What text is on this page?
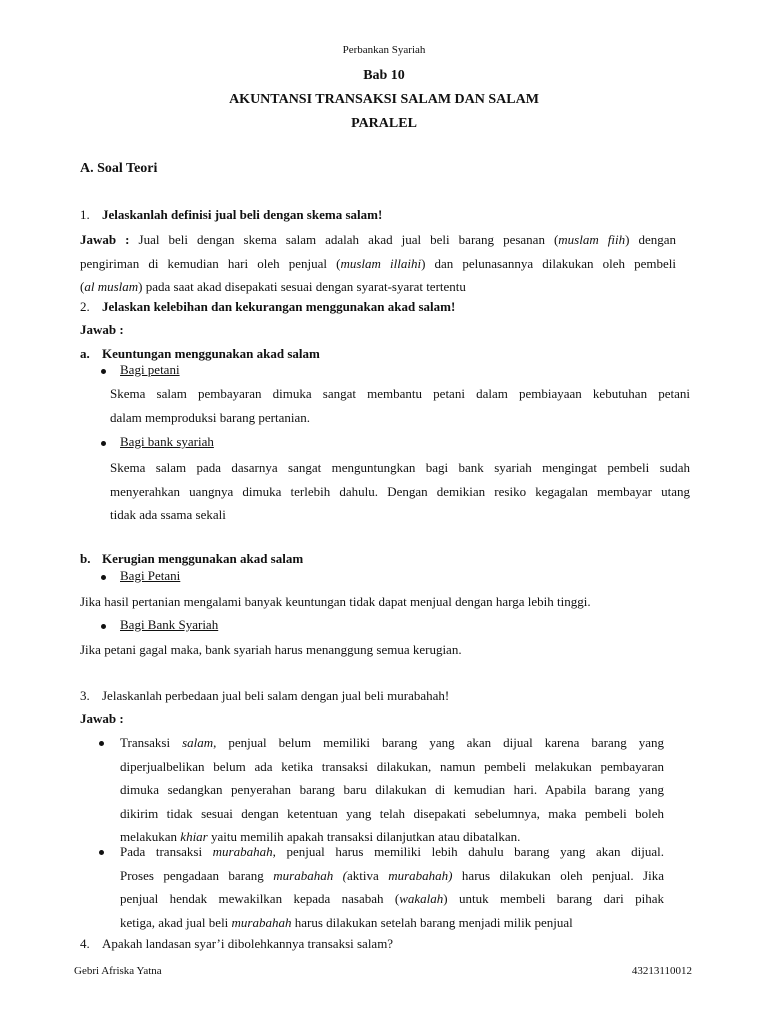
Perbankan Syariah
Bab 10
AKUNTANSI TRANSAKSI SALAM DAN SALAM
PARALEL
A. Soal Teori
1. Jelaskanlah definisi jual beli dengan skema salam!
Jawab : Jual beli dengan skema salam adalah akad jual beli barang pesanan (muslam fiih) dengan
pengiriman di kemudian hari oleh penjual (muslam illaihi) dan pelunasannya dilakukan oleh pembeli
(al muslam) pada saat akad disepakati sesuai dengan syarat-syarat tertentu
2. Jelaskan kelebihan dan kekurangan menggunakan akad salam!
Jawab :
a. Keuntungan menggunakan akad salam
Bagi petani
Skema salam pembayaran dimuka sangat membantu petani dalam pembiayaan kebutuhan petani
dalam memproduksi barang pertanian.
Bagi bank syariah
Skema salam pada dasarnya sangat menguntungkan bagi bank syariah mengingat pembeli sudah
menyerahkan uangnya dimuka terlebih dahulu. Dengan demikian resiko kegagalan membayar utang
tidak ada ssama sekali
b. Kerugian menggunakan akad salam
Bagi Petani
Jika hasil pertanian mengalami banyak keuntungan tidak dapat menjual dengan harga lebih tinggi.
Bagi Bank Syariah
Jika petani gagal maka, bank syariah harus menanggung semua kerugian.
3. Jelaskanlah perbedaan jual beli salam dengan jual beli murabahah!
Jawab :
Transaksi salam, penjual belum memiliki barang yang akan dijual karena barang yang
diperjualbelikan belum ada ketika transaksi dilakukan, namun pembeli melakukan pembayaran
dimuka sedangkan penyerahan barang baru dilakukan di kemudian hari. Apabila barang yang
dikirim tidak sesuai dengan ketentuan yang telah disepakati sebelumnya, maka pembeli boleh
melakukan khiar yaitu memilih apakah transaksi dilanjutkan atau dibatalkan.
Pada transaksi murabahah, penjual harus memiliki lebih dahulu barang yang akan dijual.
Proses pengadaan barang murabahah (aktiva murabahah) harus dilakukan oleh penjual. Jika
penjual hendak mewakilkan kepada nasabah (wakalah) untuk membeli barang dari pihak
ketiga, akad jual beli murabahah harus dilakukan setelah barang menjadi milik penjual
4. Apakah landasan syar’i dibolehkannya transaksi salam?
Gebri Afriska Yatna	43213110012
